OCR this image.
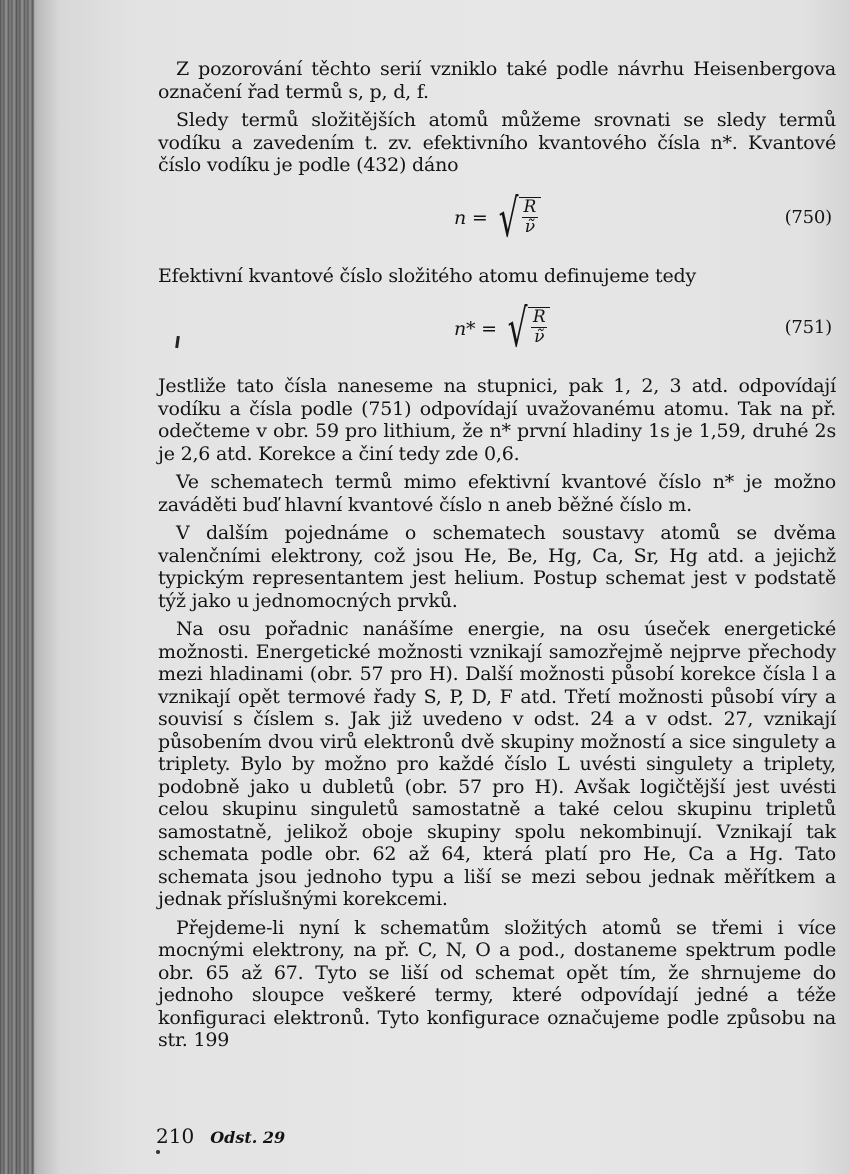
Z pozorování těchto serií vzniklo také podle návrhu Heisenbergova označení řad termů s, p, d, f.

Sledy termů složitějších atomů můžeme srovnati se sledy termů vodíku a zavedením t. zv. efektivního kvantového čísla n*. Kvantové číslo vodíku je podle (432) dáno

n = √ $\frac{R}{\nũ}$	(750)

Efektivní kvantové číslo složitého atomu definujeme tedy

n* = √ $\frac{R}{\nũ}$	(751)

Jestliže tato čísla naneseme na stupnici, pak 1, 2, 3 atd. odpovídají vodíku a čísla podle (751) odpovídají uvažovanému atomu. Tak na př. odečteme v obr. 59 pro lithium, že n* první hladiny 1s je 1,59, druhé 2s je 2,6 atd. Korekce a činí tedy zde 0,6.

Ve schematech termů mimo efektivní kvantové číslo n* je možno zaváděti buď hlavní kvantové číslo n aneb běžné číslo m.

V dalším pojednáme o schematech soustavy atomů se dvěma valenčními elektrony, což jsou He, Be, Hg, Ca, Sr, Hg atd. a jejichž typickým representantem jest helium. Postup schemat jest v podstatě týž jako u jednomocných prvků.

Na osu pořadnic nanášíme energie, na osu úseček energetické možnosti. Energetické možnosti vznikají samozřejmě nejprve přechody mezi hladinami (obr. 57 pro H). Další možnosti působí korekce čísla l a vznikají opět termové řady S, P, D, F atd. Třetí možnosti působí víry a souvisí s číslem s. Jak již uvedeno v odst. 24 a v odst. 27, vznikají působením dvou virů elektronů dvě skupiny možností a sice singulety a triplety. Bylo by možno pro každé číslo L uvésti singulety a triplety, podobně jako u dubletů (obr. 57 pro H). Avšak logičtější jest uvésti celou skupinu singuletů samostatně a také celou skupinu tripletů samostatně, jelikož oboje skupiny spolu nekombinují. Vznikají tak schemata podle obr. 62 až 64, která platí pro He, Ca a Hg. Tato schemata jsou jednoho typu a liší se mezi sebou jednak měřítkem a jednak příslušnými korekcemi.

Přejdeme-li nyní k schematům složitých atomů se třemi i více mocnými elektrony, na př. C, N, O a pod., dostaneme spektrum podle obr. 65 až 67. Tyto se liší od schemat opět tím, že shrnujeme do jednoho sloupce veškeré termy, které odpovídají jedné a téže konfiguraci elektronů. Tyto konfigurace označujeme podle způsobu na str. 199

210 Odst. 29
